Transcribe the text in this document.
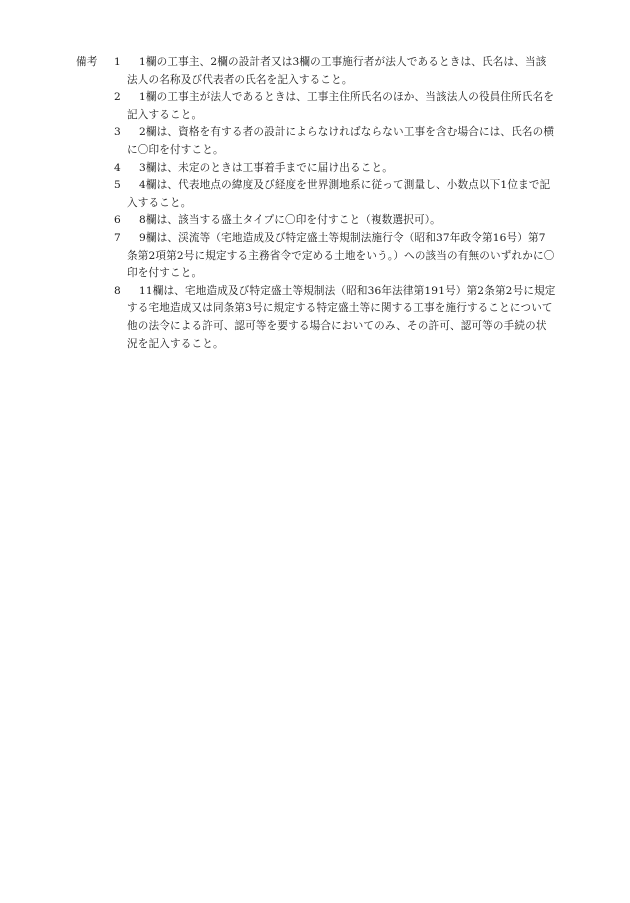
備考	1	1欄の工事主、2欄の設計者又は3欄の工事施行者が法人であるときは、氏名は、当該法人の名称及び代表者の氏名を記入すること。
2	1欄の工事主が法人であるときは、工事主住所氏名のほか、当該法人の役員住所氏名を記入すること。
3	2欄は、資格を有する者の設計によらなければならない工事を含む場合には、氏名の横に〇印を付すこと。
4	3欄は、未定のときは工事着手までに届け出ること。
5	4欄は、代表地点の緯度及び経度を世界測地系に従って測量し、小数点以下1位まで記入すること。
6	8欄は、該当する盛土タイプに〇印を付すこと（複数選択可）。
7	9欄は、渓流等（宅地造成及び特定盛土等規制法施行令（昭和37年政令第16号）第7条第2項第2号に規定する主務省令で定める土地をいう。）への該当の有無のいずれかに〇印を付すこと。
8	11欄は、宅地造成及び特定盛土等規制法（昭和36年法律第191号）第2条第2号に規定する宅地造成又は同条第3号に規定する特定盛土等に関する工事を施行することについて他の法令による許可、認可等を要する場合においてのみ、その許可、認可等の手続の状況を記入すること。
